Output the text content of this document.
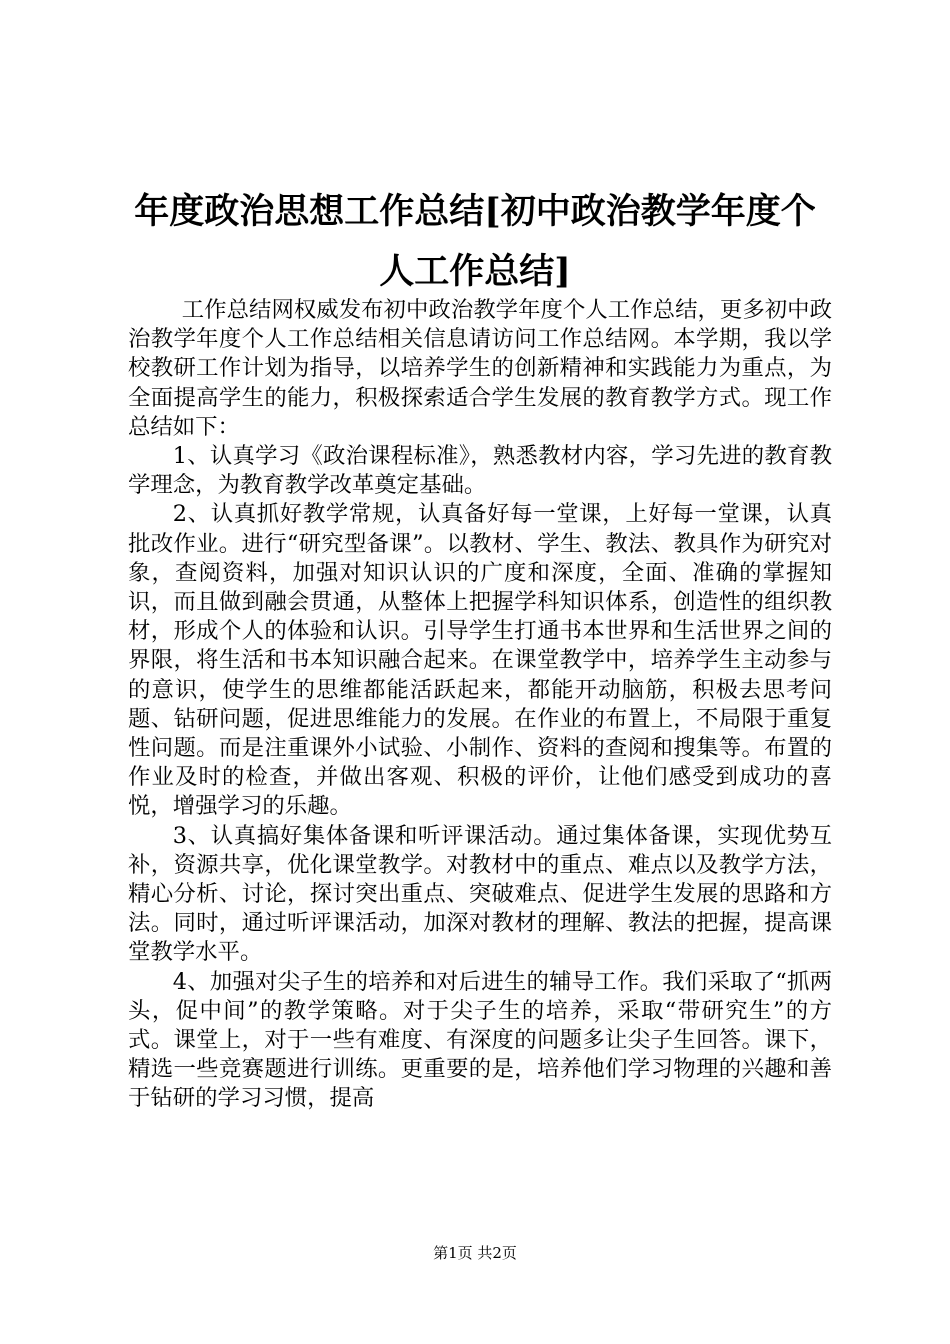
年度政治思想工作总结[初中政治教学年度个人工作总结]

工作总结网权威发布初中政治教学年度个人工作总结，更多初中政治教学年度个人工作总结相关信息请访问工作总结网。本学期，我以学校教研工作计划为指导，以培养学生的创新精神和实践能力为重点，为全面提高学生的能力，积极探索适合学生发展的教育教学方式。现工作总结如下：

1、认真学习《政治课程标准》，熟悉教材内容，学习先进的教育教学理念，为教育教学改革奠定基础。

2、认真抓好教学常规，认真备好每一堂课，上好每一堂课，认真批改作业。进行“研究型备课”。以教材、学生、教法、教具作为研究对象，查阅资料，加强对知识认识的广度和深度，全面、准确的掌握知识，而且做到融会贯通，从整体上把握学科知识体系，创造性的组织教材，形成个人的体验和认识。引导学生打通书本世界和生活世界之间的界限，将生活和书本知识融合起来。在课堂教学中，培养学生主动参与的意识，使学生的思维都能活跃起来，都能开动脑筋，积极去思考问题、钻研问题，促进思维能力的发展。在作业的布置上，不局限于重复性问题。而是注重课外小试验、小制作、资料的查阅和搜集等。布置的作业及时的检查，并做出客观、积极的评价，让他们感受到成功的喜悦，增强学习的乐趣。

3、认真搞好集体备课和听评课活动。通过集体备课，实现优势互补，资源共享，优化课堂教学。对教材中的重点、难点以及教学方法，精心分析、讨论，探讨突出重点、突破难点、促进学生发展的思路和方法。同时，通过听评课活动，加深对教材的理解、教法的把握，提高课堂教学水平。

4、加强对尖子生的培养和对后进生的辅导工作。我们采取了“抓两头，促中间”的教学策略。对于尖子生的培养，采取“带研究生”的方式。课堂上，对于一些有难度、有深度的问题多让尖子生回答。课下，精选一些竞赛题进行训练。更重要的是，培养他们学习物理的兴趣和善于钻研的学习习惯，提高

第1页 共2页
